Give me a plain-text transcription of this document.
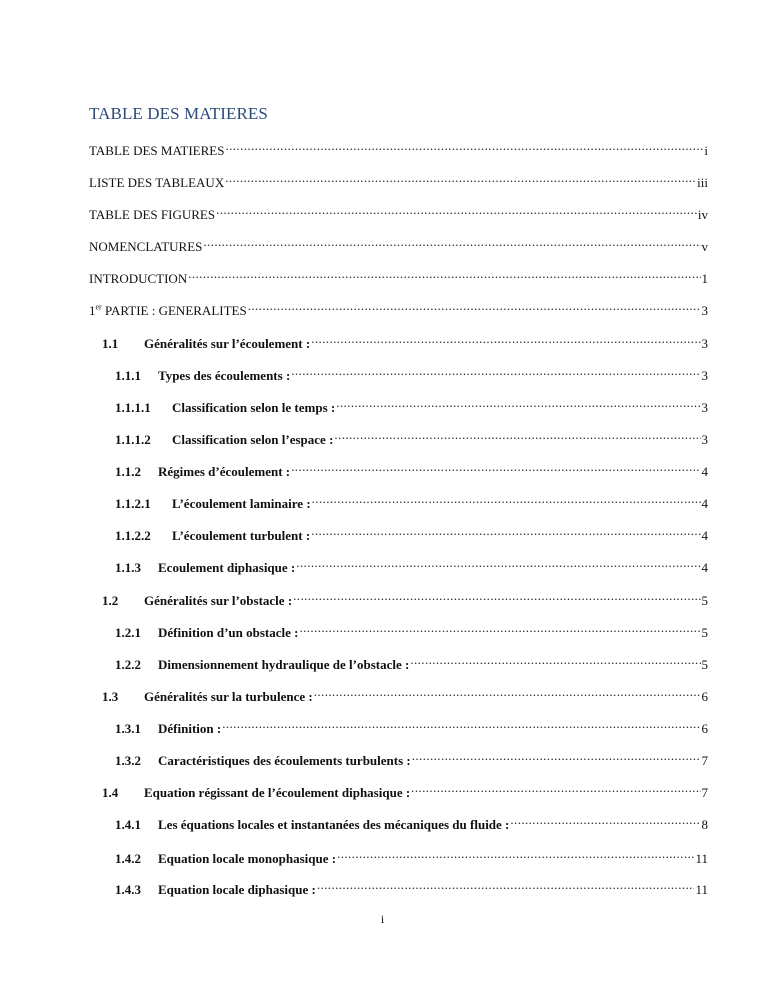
TABLE DES MATIERES
TABLE DES MATIERES .....	i
LISTE DES TABLEAUX .....	iii
TABLE DES FIGURES .....	iv
NOMENCLATURES .....	v
INTRODUCTION .....	1
1er PARTIE : GENERALITES .....	3
1.1	Généralités sur l’écoulement : .....	3
1.1.1	Types des écoulements : .....	3
1.1.1.1	Classification selon le temps : .....	3
1.1.1.2	Classification selon l’espace : .....	3
1.1.2	Régimes d’écoulement : .....	4
1.1.2.1	L’écoulement laminaire : .....	4
1.1.2.2	L’écoulement turbulent : .....	4
1.1.3	Ecoulement diphasique : .....	4
1.2	Généralités sur l’obstacle : .....	5
1.2.1	Définition d’un obstacle : .....	5
1.2.2	Dimensionnement hydraulique de l’obstacle : .....	5
1.3	Généralités sur la turbulence : .....	6
1.3.1	Définition : .....	6
1.3.2	Caractéristiques des écoulements turbulents : .....	7
1.4	Equation régissant de l’écoulement diphasique : .....	7
1.4.1	Les équations locales et instantanées des mécaniques du fluide : .....	8
1.4.2	Equation locale monophasique : .....	11
1.4.3	Equation locale diphasique : .....	11
i
